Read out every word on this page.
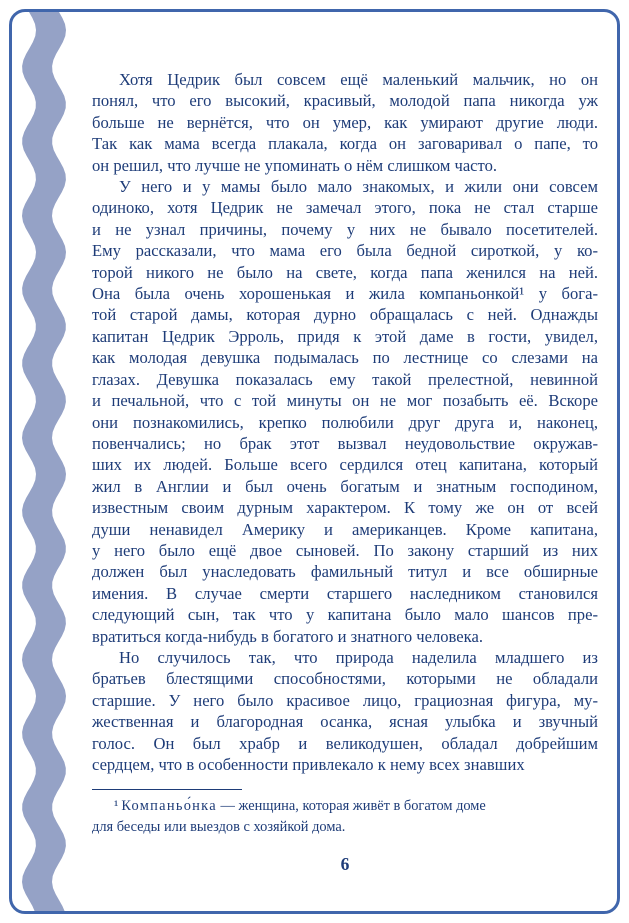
Хотя Цедрик был совсем ещё маленький мальчик, но он
понял, что его высокий, красивый, молодой папа никогда уж
больше не вернётся, что он умер, как умирают другие люди.
Так как мама всегда плакала, когда он заговаривал о папе, то
он решил, что лучше не упоминать о нём слишком часто.
У него и у мамы было мало знакомых, и жили они совсем
одиноко, хотя Цедрик не замечал этого, пока не стал старше
и не узнал причины, почему у них не бывало посетителей.
Ему рассказали, что мама его была бедной сироткой, у ко-
торой никого не было на свете, когда папа женился на ней.
Она была очень хорошенькая и жила компаньонкой¹ у бога-
той старой дамы, которая дурно обращалась с ней. Однажды
капитан Цедрик Эрроль, придя к этой даме в гости, увидел,
как молодая девушка подымалась по лестнице со слезами на
глазах. Девушка показалась ему такой прелестной, невинной
и печальной, что с той минуты он не мог позабыть её. Вскоре
они познакомились, крепко полюбили друг друга и, наконец,
повенчались; но брак этот вызвал неудовольствие окружав-
ших их людей. Больше всего сердился отец капитана, который
жил в Англии и был очень богатым и знатным господином,
известным своим дурным характером. К тому же он от всей
души ненавидел Америку и американцев. Кроме капитана,
у него было ещё двое сыновей. По закону старший из них
должен был унаследовать фамильный титул и все обширные
имения. В случае смерти старшего наследником становился
следующий сын, так что у капитана было мало шансов пре-
вратиться когда-нибудь в богатого и знатного человека.
Но случилось так, что природа наделила младшего из
братьев блестящими способностями, которыми не обладали
старшие. У него было красивое лицо, грациозная фигура, му-
жественная и благородная осанка, ясная улыбка и звучный
голос. Он был храбр и великодушен, обладал добрейшим
сердцем, что в особенности привлекало к нему всех знавших
¹ Компаньо́нка — женщина, которая живёт в богатом доме
для беседы или выездов с хозяйкой дома.
6
